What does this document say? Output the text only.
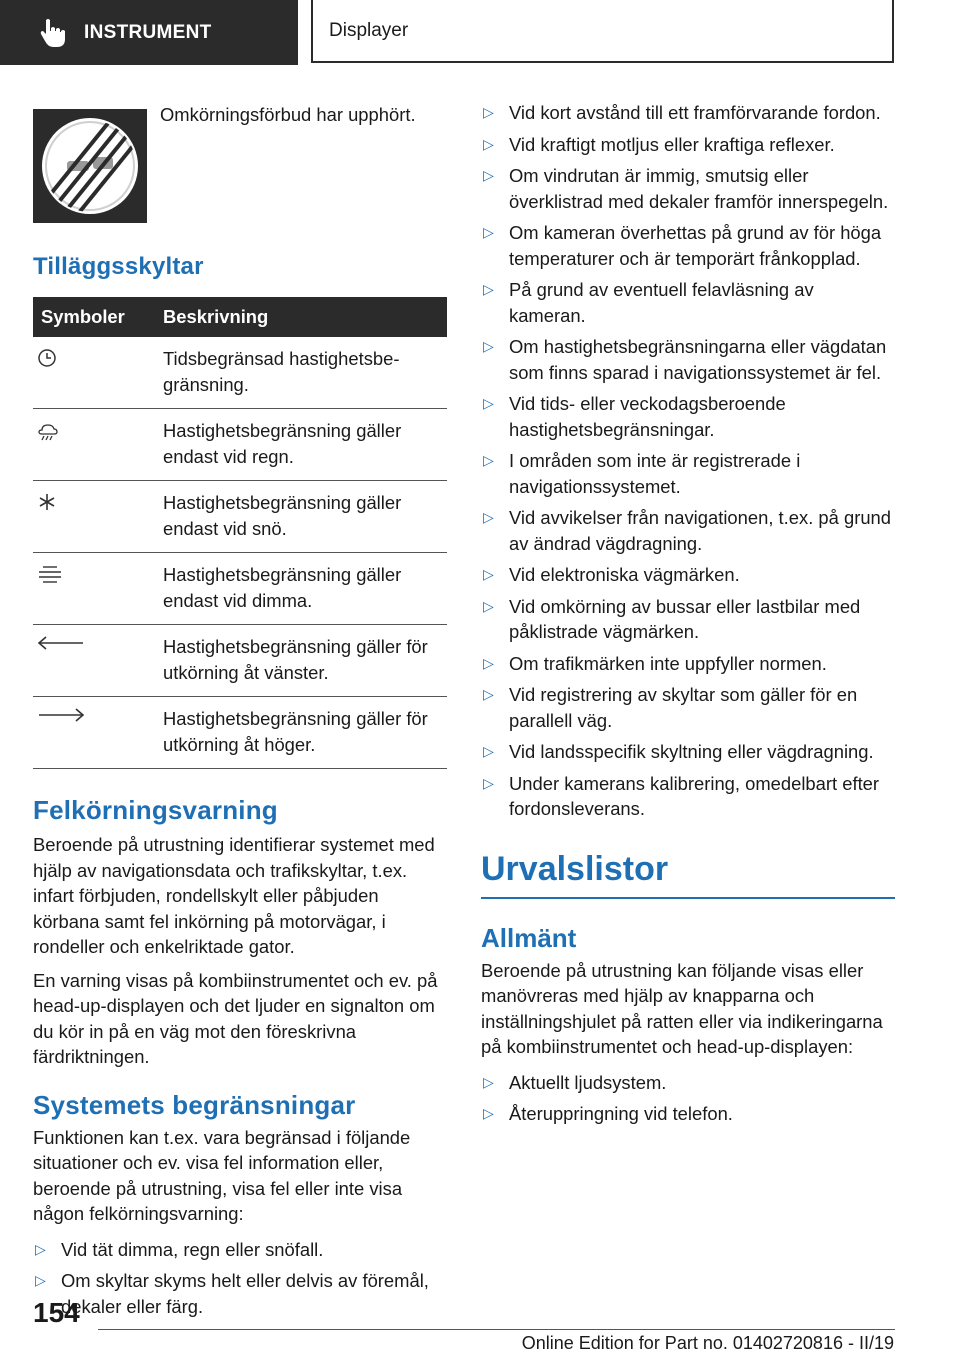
INSTRUMENT	Displayer
Omkörningsförbud har upphört.
Tilläggsskyltar
Symboler	Beskrivning

	Tidsbegränsad hastighetsbe-
gränsning.

	Hastighetsbegränsning gäller
endast vid regn.

	Hastighetsbegränsning gäller
endast vid snö.

	Hastighetsbegränsning gäller
endast vid dimma.

	Hastighetsbegränsning gäller för
utkörning åt vänster.

	Hastighetsbegränsning gäller för
utkörning åt höger.
Felkörningsvarning

Beroende på utrustning identifierar systemet med hjälp av navigationsdata och trafikskyltar, t.ex. infart förbjuden, rondellskylt eller påbjuden körbana samt fel inkörning på motorvägar, i rondeller och enkelriktade gator.

En varning visas på kombiinstrumentet och ev. på head-up-displayen och det ljuder en signalton om du kör in på en väg mot den föreskrivna färdriktningen.

Systemets begränsningar

Funktionen kan t.ex. vara begränsad i följande situationer och ev. visa fel information eller, beroende på utrustning, visa fel eller inte visa någon felkörningsvarning:

▷ Vid tät dimma, regn eller snöfall.
▷ Om skyltar skyms helt eller delvis av föremål, dekaler eller färg.
▷ Vid kort avstånd till ett framförvarande fordon.
▷ Vid kraftigt motljus eller kraftiga reflexer.
▷ Om vindrutan är immig, smutsig eller överklistrad med dekaler framför innerspegeln.
▷ Om kameran överhettas på grund av för höga temperaturer och är temporärt frånkopplad.
▷ På grund av eventuell felavläsning av kameran.
▷ Om hastighetsbegränsningarna eller vägdatan som finns sparad i navigationssystemet är fel.
▷ Vid tids- eller veckodagsberoende hastighetsbegränsningar.
▷ I områden som inte är registrerade i navigationssystemet.
▷ Vid avvikelser från navigationen, t.ex. på grund av ändrad vägdragning.
▷ Vid elektroniska vägmärken.
▷ Vid omkörning av bussar eller lastbilar med påklistrade vägmärken.
▷ Om trafikmärken inte uppfyller normen.
▷ Vid registrering av skyltar som gäller för en parallell väg.
▷ Vid landsspecifik skyltning eller vägdragning.
▷ Under kamerans kalibrering, omedelbart efter fordonsleverans.
Urvalslistor
Allmänt

Beroende på utrustning kan följande visas eller manövreras med hjälp av knapparna och inställningshjulet på ratten eller via indikeringarna på kombiinstrumentet och head-up-displayen:

▷ Aktuellt ljudsystem.
▷ Återuppringning vid telefon.
154
Online Edition for Part no. 01402720816 - II/19
